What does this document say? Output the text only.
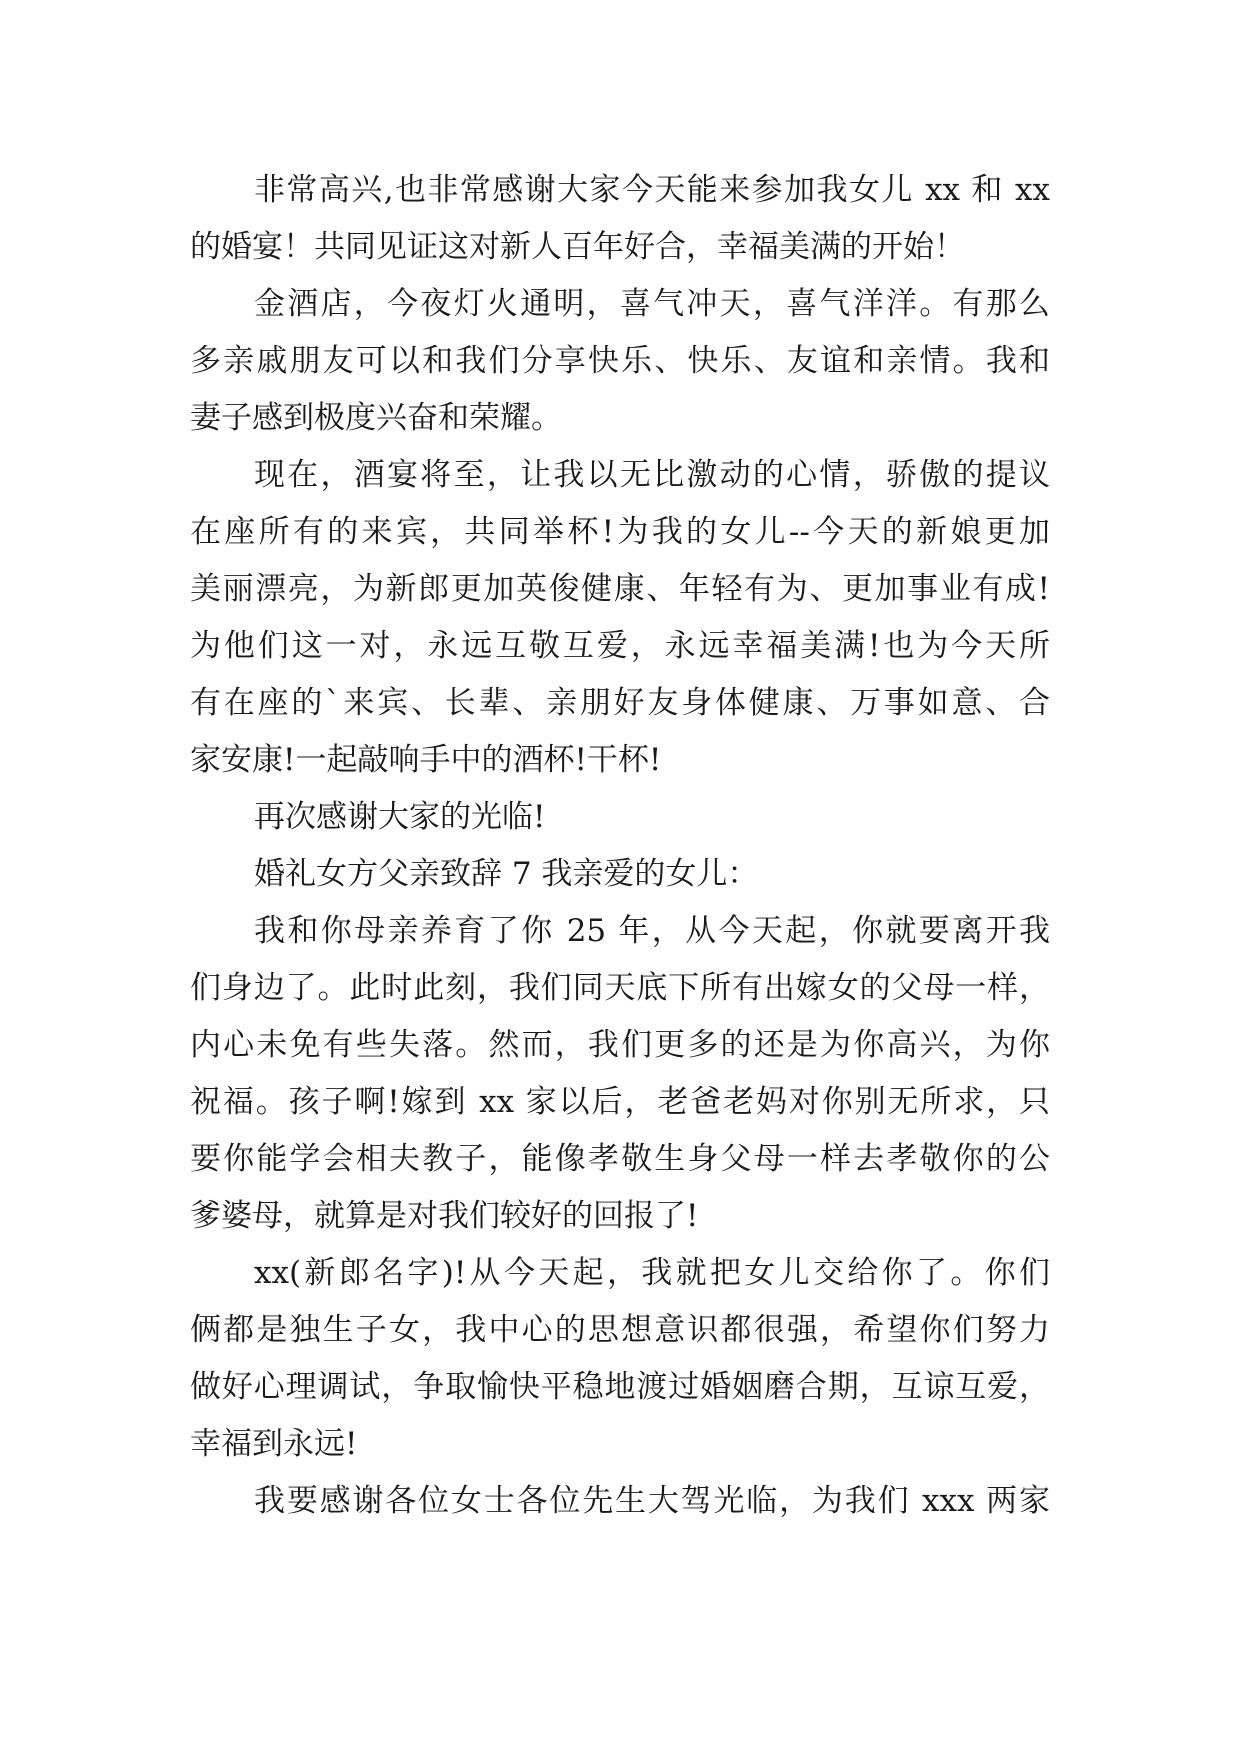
非常高兴,也非常感谢大家今天能来参加我女儿 xx 和 xx
的婚宴！共同见证这对新人百年好合，幸福美满的开始！
金酒店，今夜灯火通明，喜气冲天，喜气洋洋。有那么
多亲戚朋友可以和我们分享快乐、快乐、友谊和亲情。我和
妻子感到极度兴奋和荣耀。
现在，酒宴将至，让我以无比激动的心情，骄傲的提议
在座所有的来宾，共同举杯!为我的女儿--今天的新娘更加
美丽漂亮，为新郎更加英俊健康、年轻有为、更加事业有成!
为他们这一对，永远互敬互爱，永远幸福美满!也为今天所
有在座的`来宾、长辈、亲朋好友身体健康、万事如意、合
家安康!一起敲响手中的酒杯!干杯!
再次感谢大家的光临!
婚礼女方父亲致辞 7 我亲爱的女儿：
我和你母亲养育了你 25 年，从今天起，你就要离开我
们身边了。此时此刻，我们同天底下所有出嫁女的父母一样，
内心未免有些失落。然而，我们更多的还是为你高兴，为你
祝福。孩子啊!嫁到 xx 家以后，老爸老妈对你别无所求，只
要你能学会相夫教子，能像孝敬生身父母一样去孝敬你的公
爹婆母，就算是对我们较好的回报了!
xx(新郎名字)!从今天起，我就把女儿交给你了。你们
俩都是独生子女，我中心的思想意识都很强，希望你们努力
做好心理调试，争取愉快平稳地渡过婚姻磨合期，互谅互爱，
幸福到永远!
我要感谢各位女士各位先生大驾光临，为我们 xxx 两家
